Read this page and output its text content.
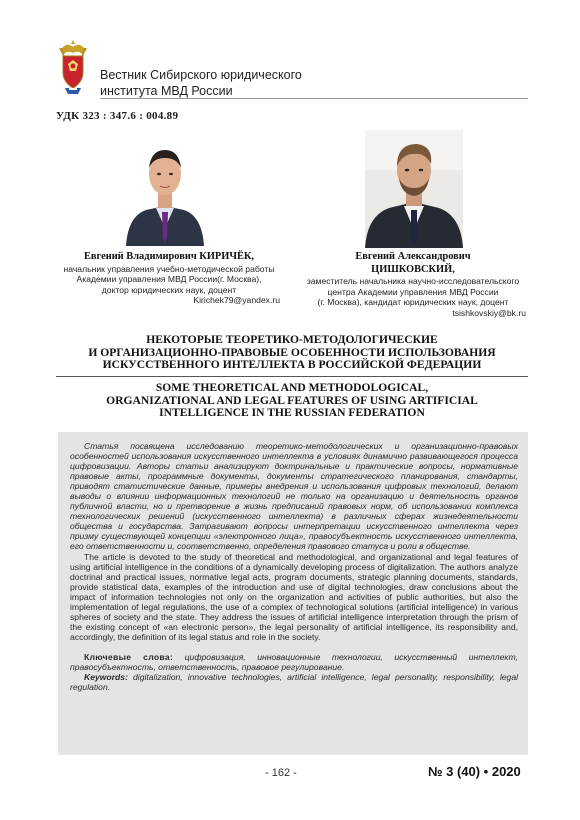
Вестник Сибирского юридического
института МВД России
УДК 323 : 347.6 : 004.89
Евгений Владимирович КИРИЧЁК,
начальник управления учебно-методической работы
Академии управления МВД России(г. Москва),
доктор юридических наук, доцент
Kirichek79@yandex.ru
Евгений Александрович
ЦИШКОВСКИЙ,
заместитель начальника научно-исследовательского
центра Академии управления МВД России
(г. Москва), кандидат юридических наук, доцент
tsishkovskiy@bk.ru
НЕКОТОРЫЕ ТЕОРЕТИКО-МЕТОДОЛОГИЧЕСКИЕ
И ОРГАНИЗАЦИОННО-ПРАВОВЫЕ ОСОБЕННОСТИ ИСПОЛЬЗОВАНИЯ
ИСКУССТВЕННОГО ИНТЕЛЛЕКТА В РОССИЙСКОЙ ФЕДЕРАЦИИ
SOME THEORETICAL AND METHODOLOGICAL,
ORGANIZATIONAL AND LEGAL FEATURES OF USING ARTIFICIAL
INTELLIGENCE IN THE RUSSIAN FEDERATION

Статья посвящена исследованию теоретико-методологических и организационно-правовых особенностей использования искусственного интеллекта в условиях динамично развивающегося процесса цифровизации. Авторы статьи анализируют доктринальные и практические вопросы, нормативные правовые акты, программные документы, документы стратегического планирования, стандарты, приводят статистические данные, примеры внедрения и использования цифровых технологий, делают выводы о влиянии информационных технологий не только на организацию и деятельность органов публичной власти, но и претворение в жизнь предписаний правовых норм, об использовании комплекса технологических решений (искусственного интеллекта) в различных сферах жизнедеятельности общества и государства. Затрагивают вопросы интерпретации искусственного интеллекта через призму существующей концепции «электронного лица», правосубъектность искусственного интеллекта, его ответственности и, соответственно, определения правового статуса и роли в обществе.

The article is devoted to the study of theoretical and methodological, and organizational and legal features of using artificial intelligence in the conditions of a dynamically developing process of digitalization. The authors analyze doctrinal and practical issues, normative legal acts, program documents, strategic planning documents, standards, provide statistical data, examples of the introduction and use of digital technologies, draw conclusions about the impact of information technologies not only on the organization and activities of public authorities, but also the implementation of legal regulations, the use of a complex of technological solutions (artificial intelligence) in various spheres of society and the state. They address the issues of artificial intelligence interpretation through the prism of the existing concept of «an electronic person», the legal personality of artificial intelligence, its responsibility and, accordingly, the definition of its legal status and role in the society.

Ключевые слова: цифровизация, инновационные технологии, искусственный интеллект, правосубъектность, ответственность, правовое регулирование.

Keywords: digitalization, innovative technologies, artificial intelligence, legal personality, responsibility, legal regulation.

- 162 -	№ 3 (40) • 2020
